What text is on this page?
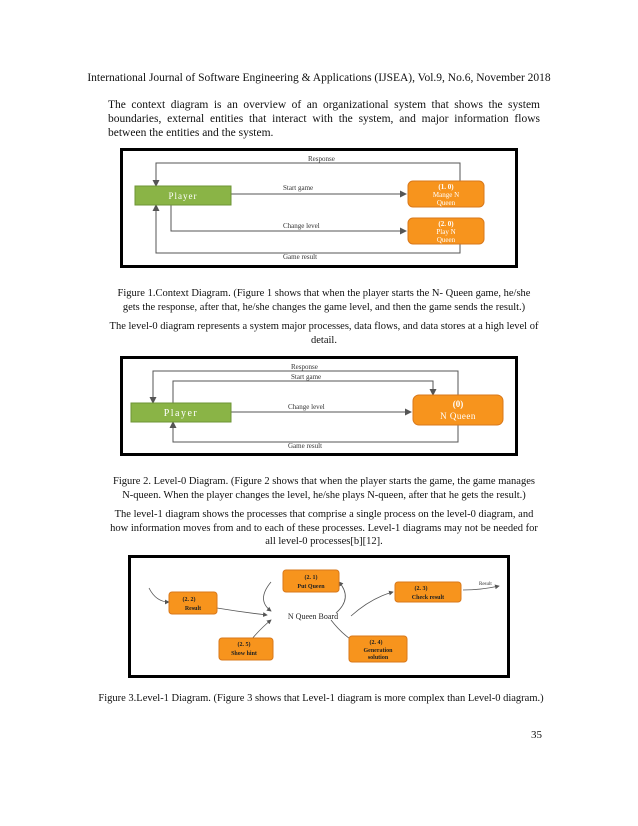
International Journal of Software Engineering & Applications (IJSEA), Vol.9, No.6, November 2018
The context diagram is an overview of an organizational system that shows the system boundaries, external entities that interact with the system, and major information flows between the entities and the system.
Response
Start game
Change level
Game result
Player
(1. 0)
Mange N
Queen
(2. 0)
Play N
Queen
Figure 1.Context Diagram. (Figure 1 shows that when the player starts the N- Queen game, he/she gets the response, after that, he/she changes the game level, and then the game sends the result.)
The level-0 diagram represents a system major processes, data flows, and data stores at a high level of detail.
Response
Start game
Change level
Game result
Player
(0)
N Queen
Figure 2. Level-0 Diagram. (Figure 2 shows that when the player starts the game, the game manages N-queen. When the player changes the level, he/she plays N-queen, after that he gets the result.)
The level-1 diagram shows the processes that comprise a single process on the level-0 diagram, and how information moves from and to each of these processes. Level-1 diagrams may not be needed for all level-0 processes[b][12].
Result
N Queen Board
(2. 1)
Put Queen
(2. 2)
Result
(2. 3)
Check result
(2. 4)
Generation
solution
(2. 5)
Show hint
Figure 3.Level-1 Diagram. (Figure 3 shows that Level-1 diagram is more complex than Level-0 diagram.)
35
